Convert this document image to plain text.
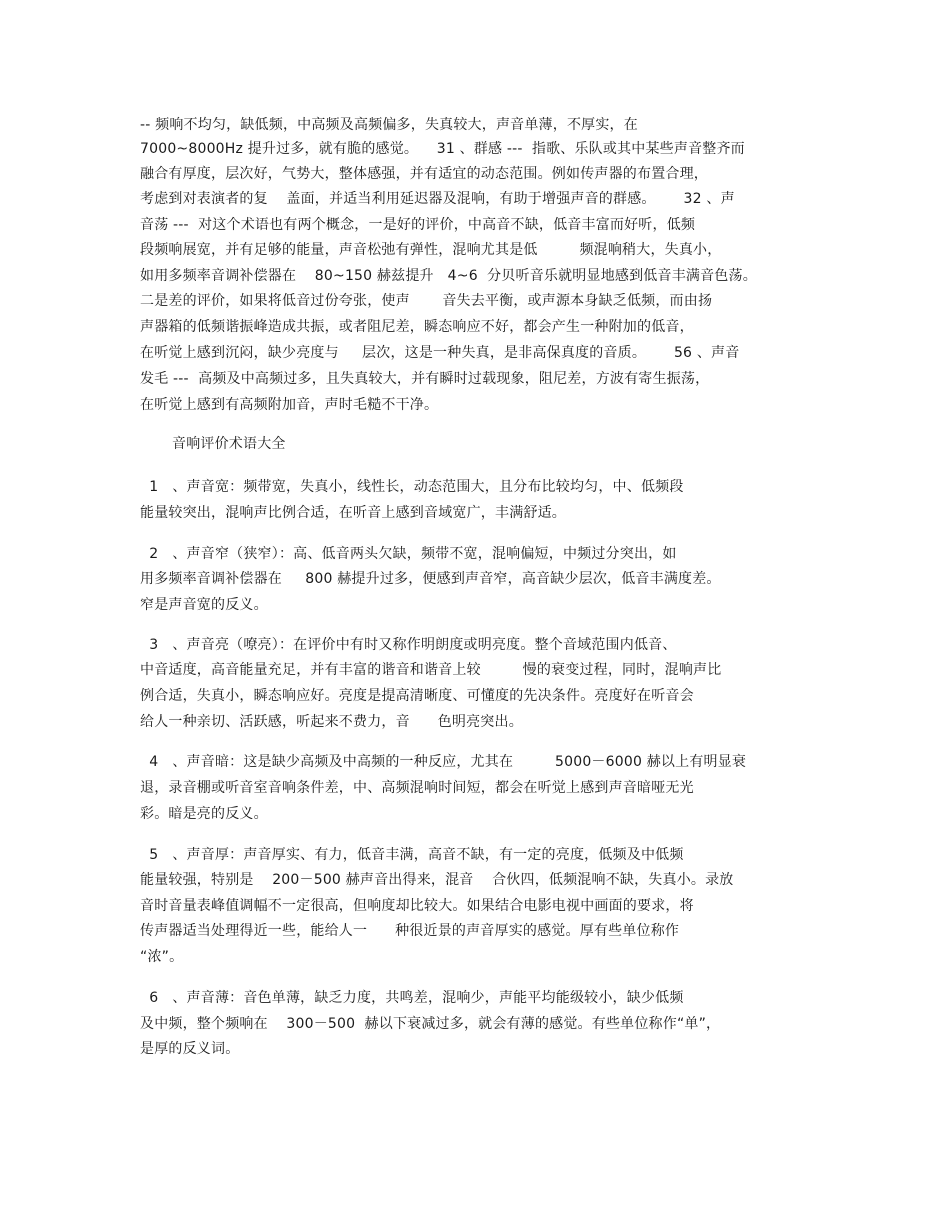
-- 频响不均匀，缺低频，中高频及高频偏多，失真较大，声音单薄，不厚实，在
7000~8000Hz 提升过多，就有脆的感觉。    31 、群感 ---  指歌、乐队或其中某些声音整齐而
融合有厚度，层次好，气势大，整体感强，并有适宜的动态范围。例如传声器的布置合理，
考虑到对表演者的复    盖面，并适当利用延迟器及混响，有助于增强声音的群感。      32 、声
音荡 ---  对这个术语也有两个概念，一是好的评价，中高音不缺，低音丰富而好听，低频
段频响展宽，并有足够的能量，声音松弛有弹性，混响尤其是低         频混响稍大，失真小，
如用多频率音调补偿器在    80~150 赫兹提升   4~6  分贝听音乐就明显地感到低音丰满音色荡。
二是差的评价，如果将低音过份夸张，使声       音失去平衡，或声源本身缺乏低频，而由扬
声器箱的低频谐振峰造成共振，或者阻尼差，瞬态响应不好，都会产生一种附加的低音，
在听觉上感到沉闷，缺少亮度与     层次，这是一种失真，是非高保真度的音质。      56 、声音
发毛 ---  高频及中高频过多，且失真较大，并有瞬时过载现象，阻尼差，方波有寄生振荡，
在听觉上感到有高频附加音，声时毛糙不干净。
音响评价术语大全
1   、声音宽：频带宽，失真小，线性长，动态范围大，且分布比较均匀，中、低频段
能量较突出，混响声比例合适，在听音上感到音域宽广，丰满舒适。
2   、声音窄（狭窄）：高、低音两头欠缺，频带不宽，混响偏短，中频过分突出，如
用多频率音调补偿器在     800 赫提升过多，便感到声音窄，高音缺少层次，低音丰满度差。
窄是声音宽的反义。
3   、声音亮（嘹亮）：在评价中有时又称作明朗度或明亮度。整个音域范围内低音、
中音适度，高音能量充足，并有丰富的谐音和谐音上较         慢的衰变过程，同时，混响声比
例合适，失真小，瞬态响应好。亮度是提高清晰度、可懂度的先决条件。亮度好在听音会
给人一种亲切、活跃感，听起来不费力，音      色明亮突出。
4   、声音暗：这是缺少高频及中高频的一种反应，尤其在         5000－6000 赫以上有明显衰
退，录音棚或听音室音响条件差，中、高频混响时间短，都会在听觉上感到声音暗哑无光
彩。暗是亮的反义。
5   、声音厚：声音厚实、有力，低音丰满，高音不缺，有一定的亮度，低频及中低频
能量较强，特别是    200－500 赫声音出得来，混音    合伙四，低频混响不缺，失真小。录放
音时音量表峰值调幅不一定很高，但响度却比较大。如果结合电影电视中画面的要求，将
传声器适当处理得近一些，能给人一      种很近景的声音厚实的感觉。厚有些单位称作
“浓”。
6   、声音薄：音色单薄，缺乏力度，共鸣差，混响少，声能平均能级较小，缺少低频
及中频，整个频响在    300－500  赫以下衰减过多，就会有薄的感觉。有些单位称作“单”，
是厚的反义词。
